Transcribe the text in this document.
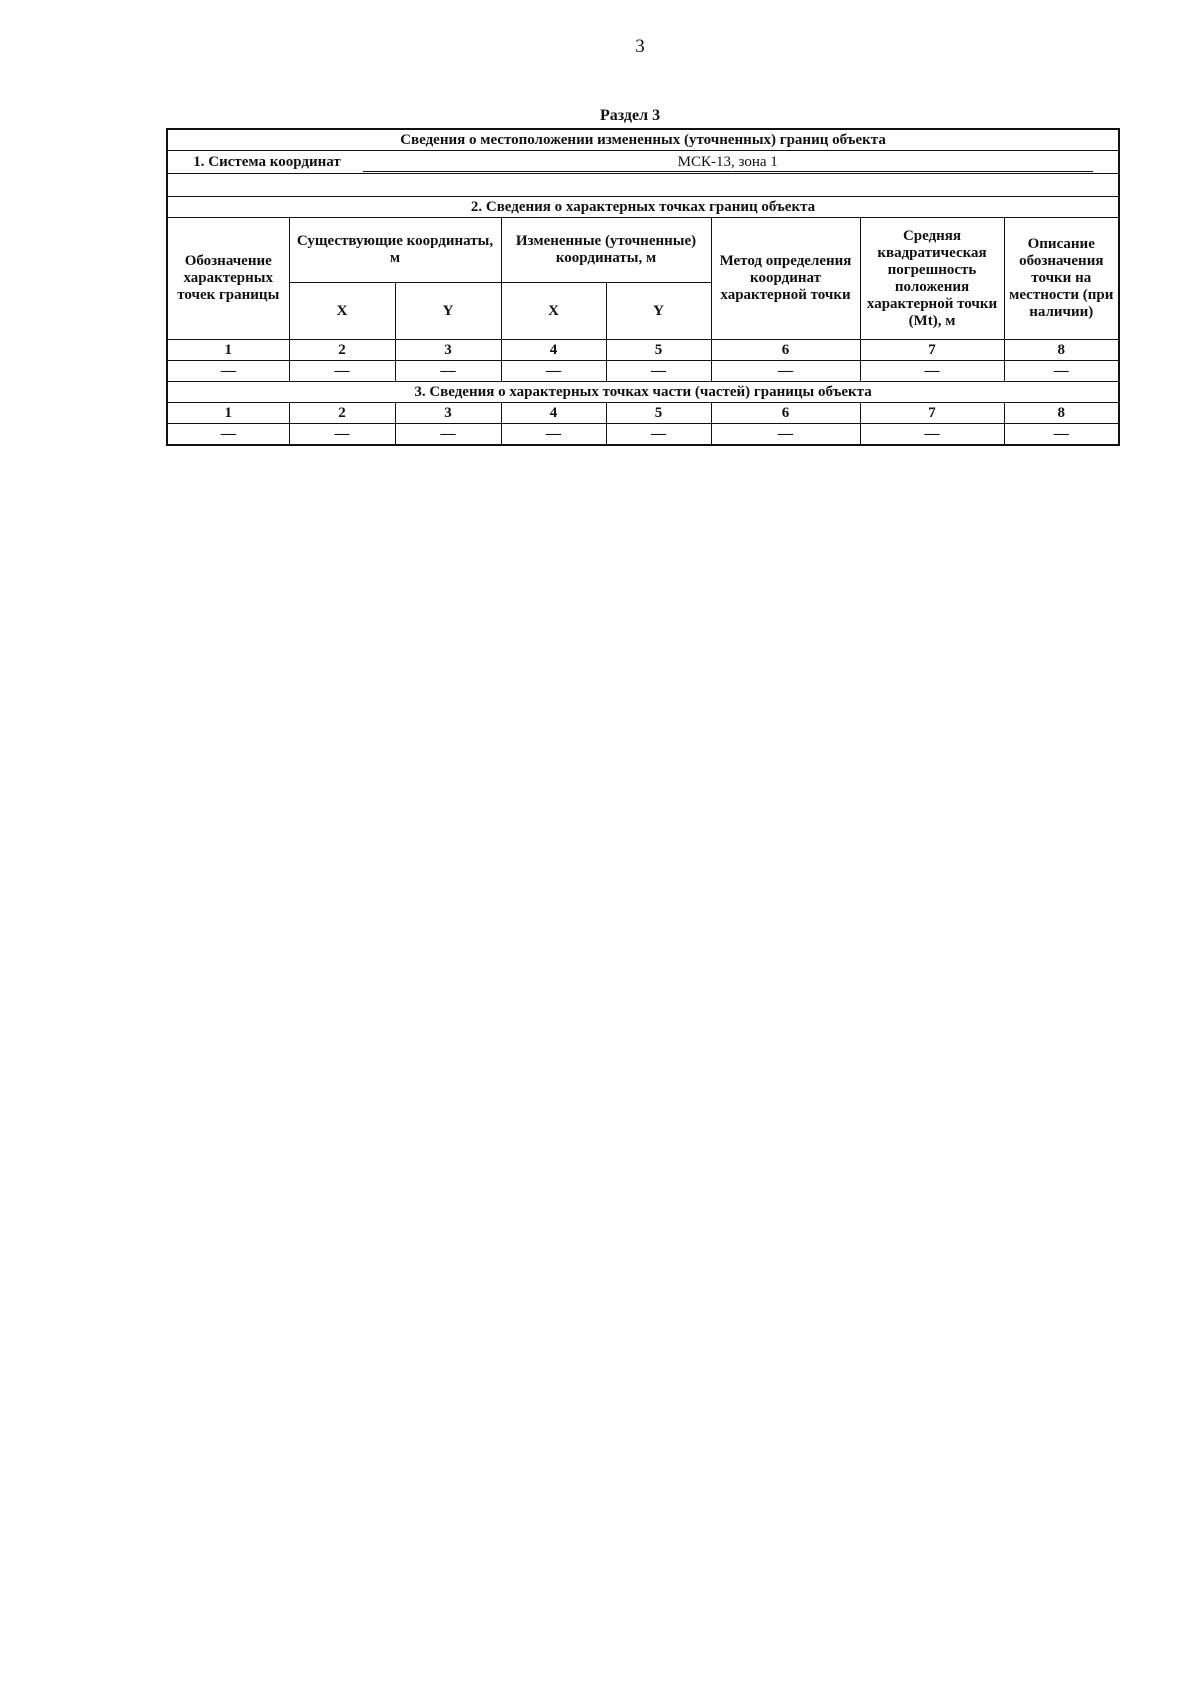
3
Раздел 3
Сведения о местоположении измененных (уточненных) границ объекта							
1. Система координат МСК-13, зона 1							

2. Сведения о характерных точках границ объекта							
Обозначение характерных точек границы	Существующие координаты, м		Измененные (уточненные) координаты, м		Метод определения координат характерной точки	Средняя квадратическая погрешность положения характерной точки (Mt), м	Описание обозначения точки на местности (при наличии)
	X	Y	X	Y			
1	2	3	4	5	6	7	8
—	—	—	—	—	—	—	—
3. Сведения о характерных точках части (частей) границы объекта							
1	2	3	4	5	6	7	8
—	—	—	—	—	—	—	—
